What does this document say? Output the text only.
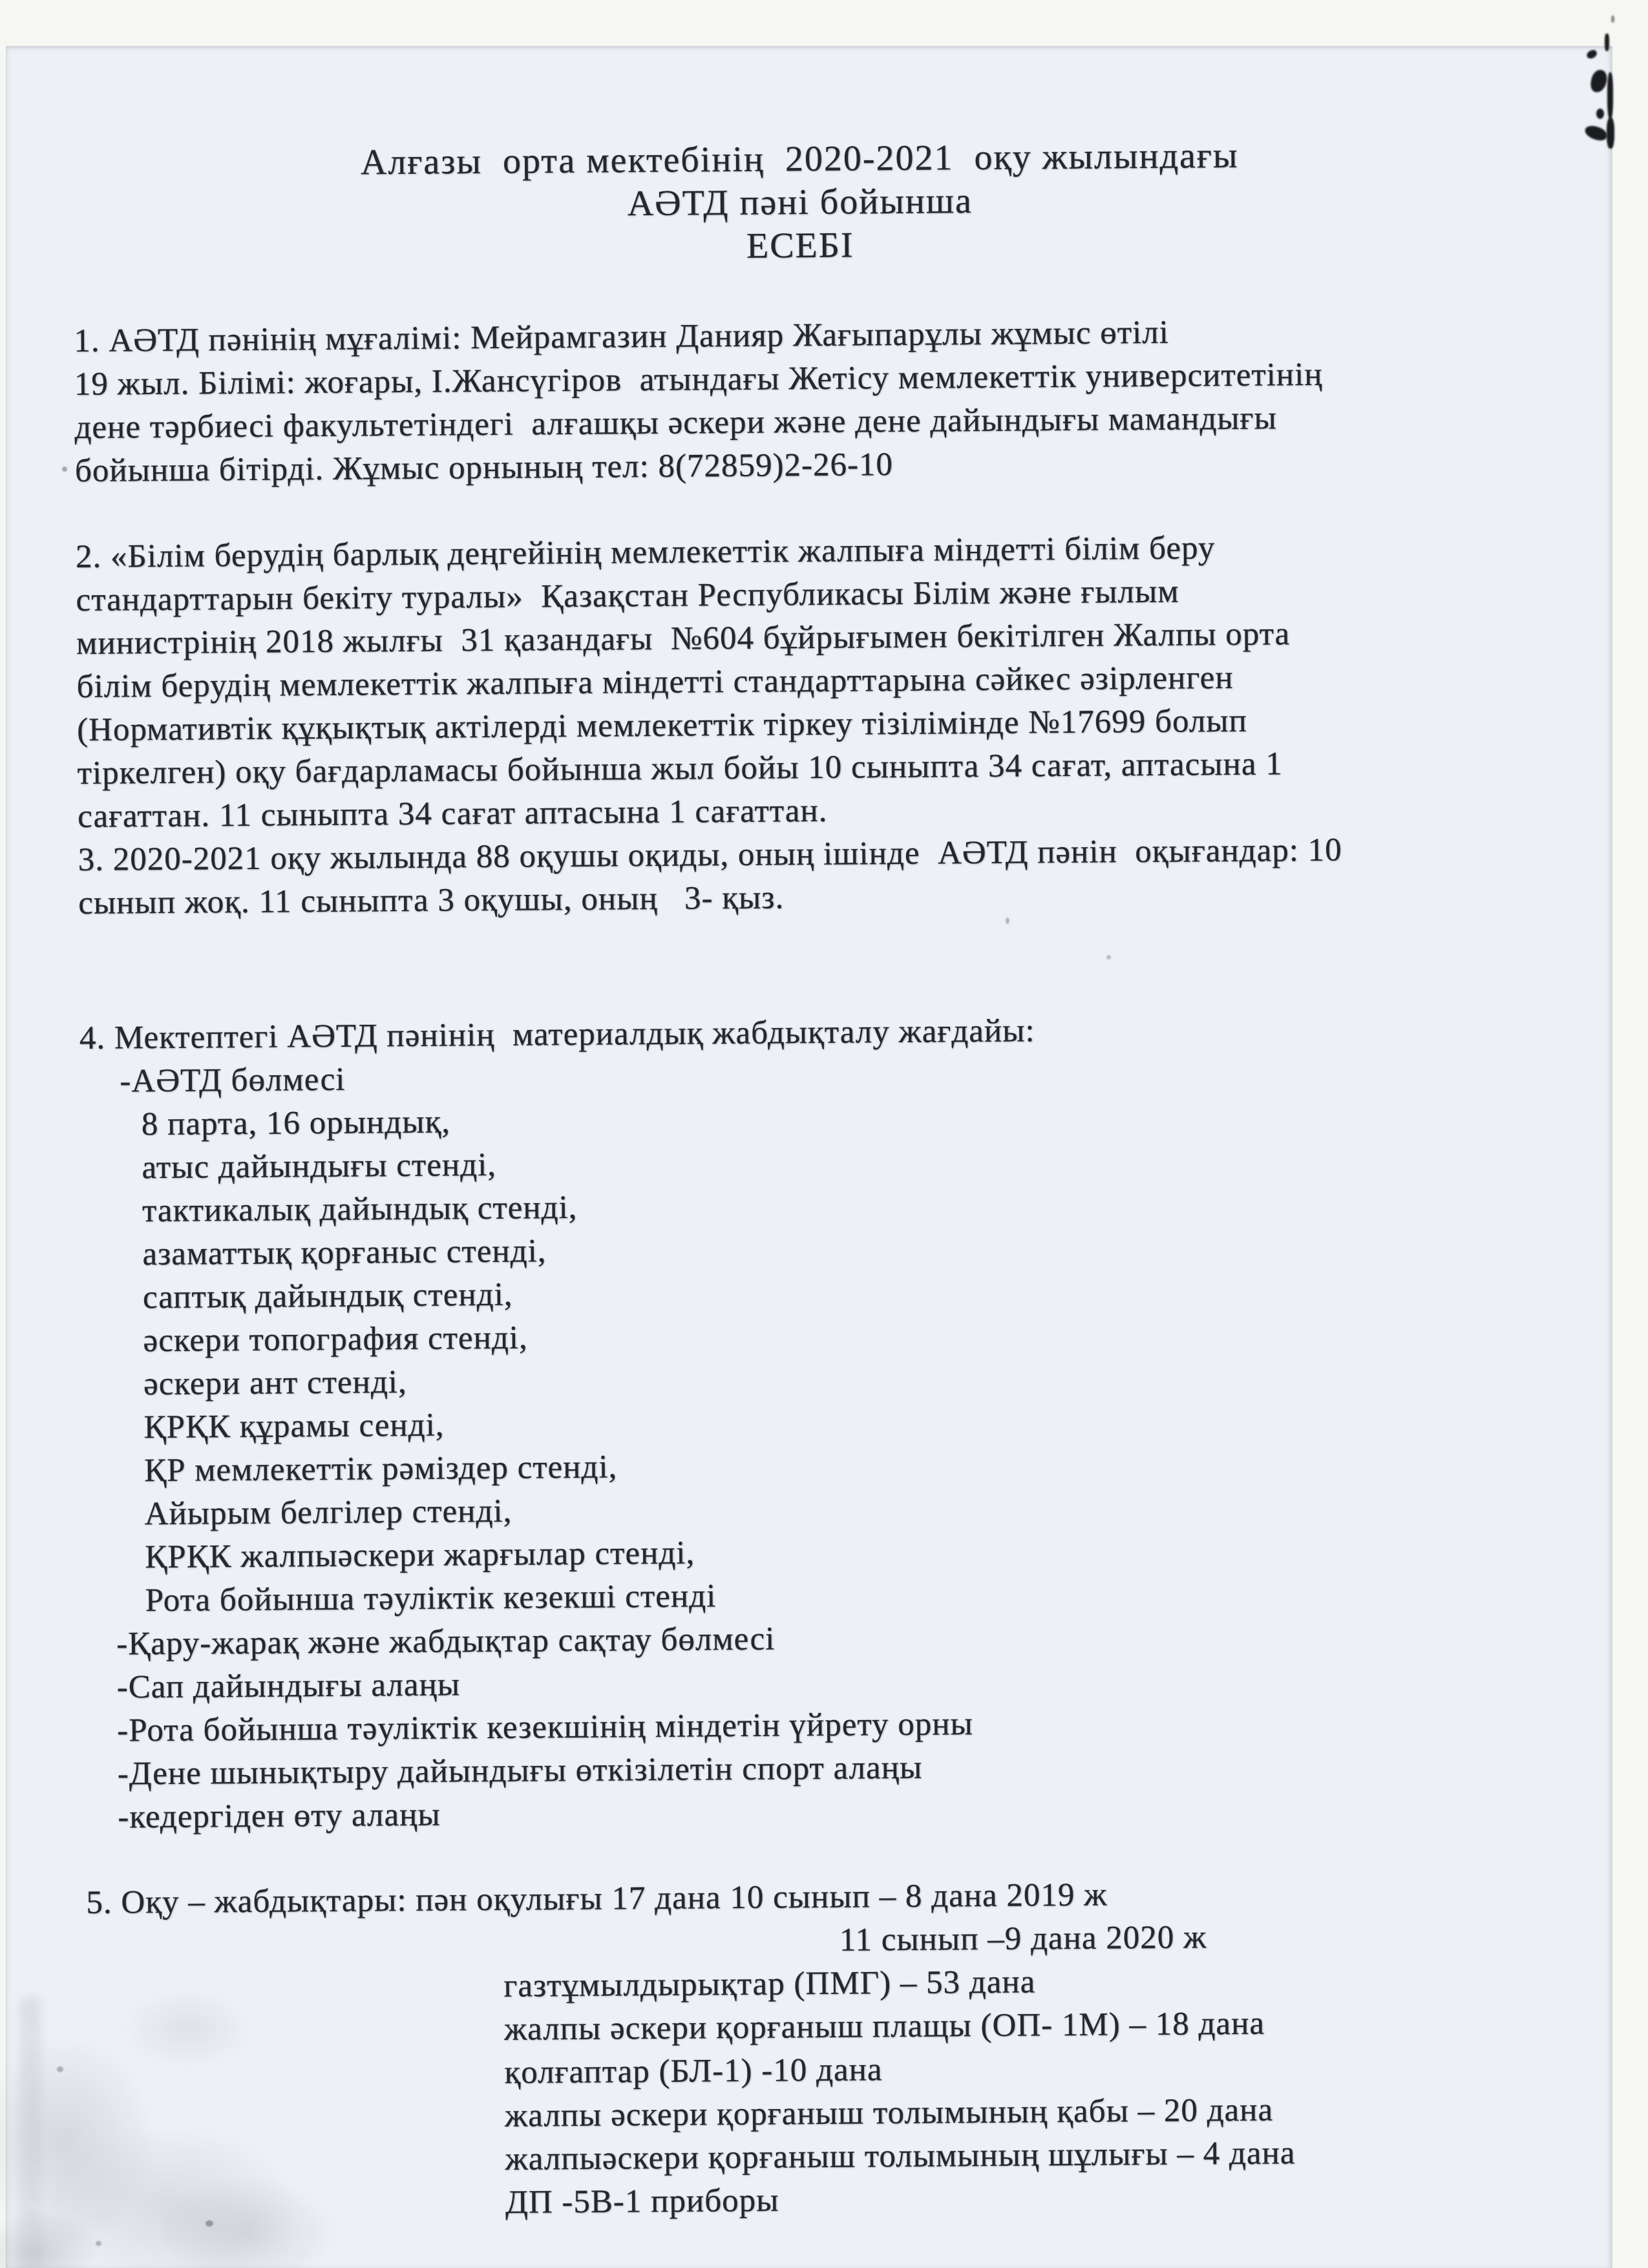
Алғазы  орта мектебінің  2020-2021  оқу жылындағы
АӘТД пәні бойынша
ЕСЕБІ
1. АӘТД пәнінің мұғалімі: Мейрамгазин Данияр Жағыпарұлы жұмыс өтілі
19 жыл. Білімі: жоғары, І.Жансүгіров  атындағы Жетісу мемлекеттік университетінің
дене тәрбиесі факультетіндегі  алғашқы әскери және дене дайындығы мамандығы
бойынша бітірді. Жұмыс орнының тел: 8(72859)2-26-10
2. «Білім берудің барлық деңгейінің мемлекеттік жалпыға міндетті білім беру
стандарттарын бекіту туралы»  Қазақстан Республикасы Білім және ғылым
министрінің 2018 жылғы  31 қазандағы  №604 бұйрығымен бекітілген Жалпы орта
білім берудің мемлекеттік жалпыға міндетті стандарттарына сәйкес әзірленген
(Нормативтік құқықтық актілерді мемлекеттік тіркеу тізілімінде №17699 болып
тіркелген) оқу бағдарламасы бойынша жыл бойы 10 сыныпта 34 сағат, аптасына 1
сағаттан. 11 сыныпта 34 сағат аптасына 1 сағаттан.
3. 2020-2021 оқу жылында 88 оқушы оқиды, оның ішінде  АӘТД пәнін  оқығандар: 10
сынып жоқ. 11 сыныпта 3 оқушы, оның   3- қыз.
4. Мектептегі АӘТД пәнінің  материалдық жабдықталу жағдайы:
-АӘТД бөлмесі
8 парта, 16 орындық,
атыс дайындығы стенді,
тактикалық дайындық стенді,
азаматтық қорғаныс стенді,
саптық дайындық стенді,
әскери топография стенді,
әскери ант стенді,
ҚРҚК құрамы сенді,
ҚР мемлекеттік рәміздер стенді,
Айырым белгілер стенді,
ҚРҚК жалпыәскери жарғылар стенді,
Рота бойынша тәуліктік кезекші стенді
-Қару-жарақ және жабдықтар сақтау бөлмесі
-Сап дайындығы алаңы
-Рота бойынша тәуліктік кезекшінің міндетін үйрету орны
-Дене шынықтыру дайындығы өткізілетін спорт алаңы
-кедергіден өту алаңы
5. Оқу – жабдықтары: пән оқулығы 17 дана 10 сынып – 8 дана 2019 ж
11 сынып –9 дана 2020 ж
газтұмылдырықтар (ПМГ) – 53 дана
жалпы әскери қорғаныш плащы (ОП- 1М) – 18 дана
қолғаптар (БЛ-1) -10 дана
жалпы әскери қорғаныш толымының қабы – 20 дана
жалпыәскери қорғаныш толымының шұлығы – 4 дана
ДП -5В-1 приборы
